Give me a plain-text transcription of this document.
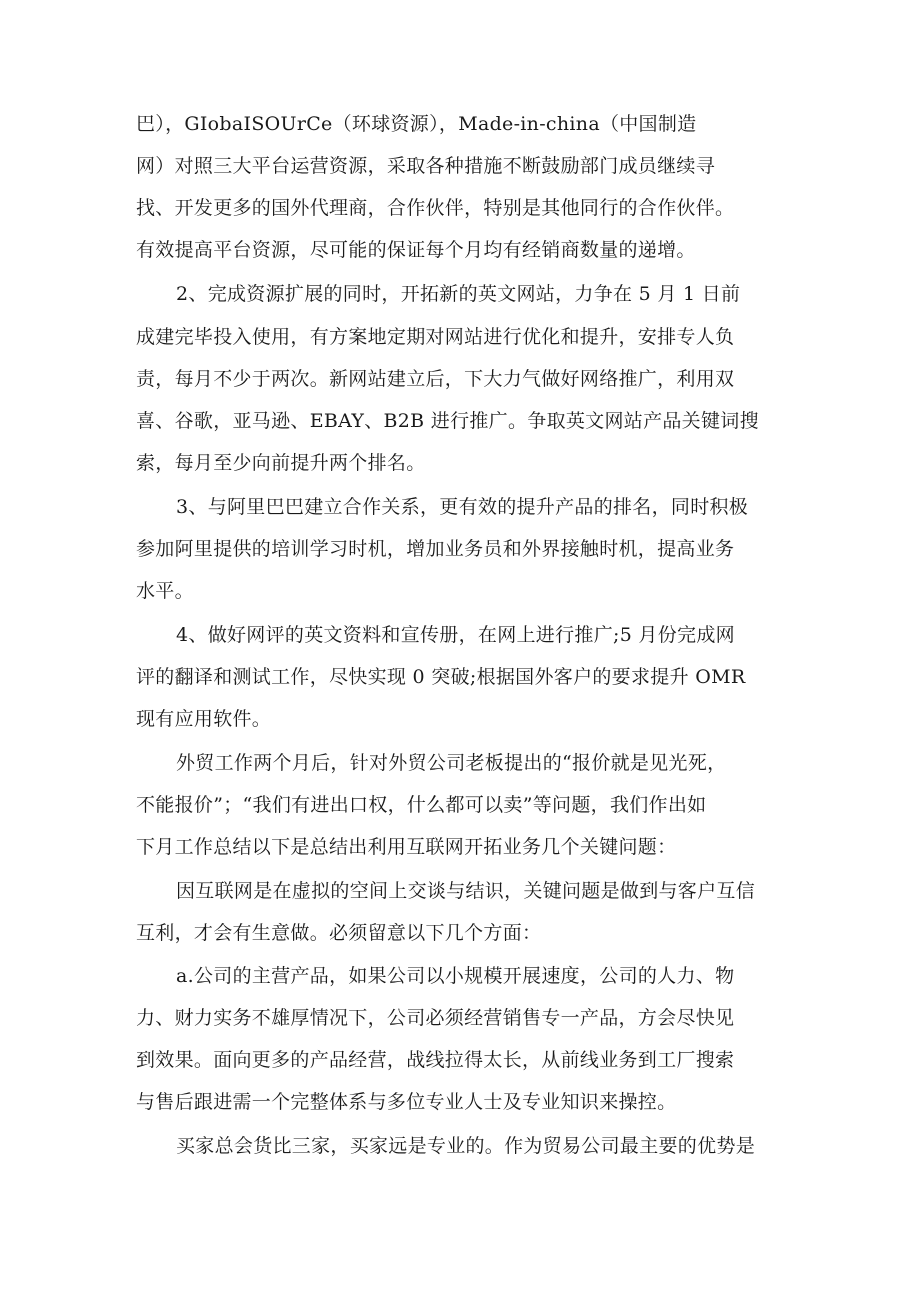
巴），GIobaISOUrCe（环球资源），Made-in-china（中国制造
网）对照三大平台运营资源，采取各种措施不断鼓励部门成员继续寻
找、开发更多的国外代理商，合作伙伴，特别是其他同行的合作伙伴。
有效提高平台资源，尽可能的保证每个月均有经销商数量的递增。
2、完成资源扩展的同时，开拓新的英文网站，力争在 5 月 1 日前
成建完毕投入使用，有方案地定期对网站进行优化和提升，安排专人负
责，每月不少于两次。新网站建立后，下大力气做好网络推广，利用双
喜、谷歌，亚马逊、EBAY、B2B 进行推广。争取英文网站产品关键词搜
索，每月至少向前提升两个排名。
3、与阿里巴巴建立合作关系，更有效的提升产品的排名，同时积极
参加阿里提供的培训学习时机，增加业务员和外界接触时机，提高业务
水平。
4、做好网评的英文资料和宣传册，在网上进行推广;5 月份完成网
评的翻译和测试工作，尽快实现 0 突破;根据国外客户的要求提升 OMR
现有应用软件。
外贸工作两个月后，针对外贸公司老板提出的“报价就是见光死，
不能报价”；“我们有进出口权，什么都可以卖”等问题，我们作出如
下月工作总结以下是总结出利用互联网开拓业务几个关键问题：
因互联网是在虚拟的空间上交谈与结识，关键问题是做到与客户互信
互利，才会有生意做。必须留意以下几个方面：
a.公司的主营产品，如果公司以小规模开展速度，公司的人力、物
力、财力实务不雄厚情况下，公司必须经营销售专一产品，方会尽快见
到效果。面向更多的产品经营，战线拉得太长，从前线业务到工厂搜索
与售后跟进需一个完整体系与多位专业人士及专业知识来操控。
买家总会货比三家，买家远是专业的。作为贸易公司最主要的优势是
